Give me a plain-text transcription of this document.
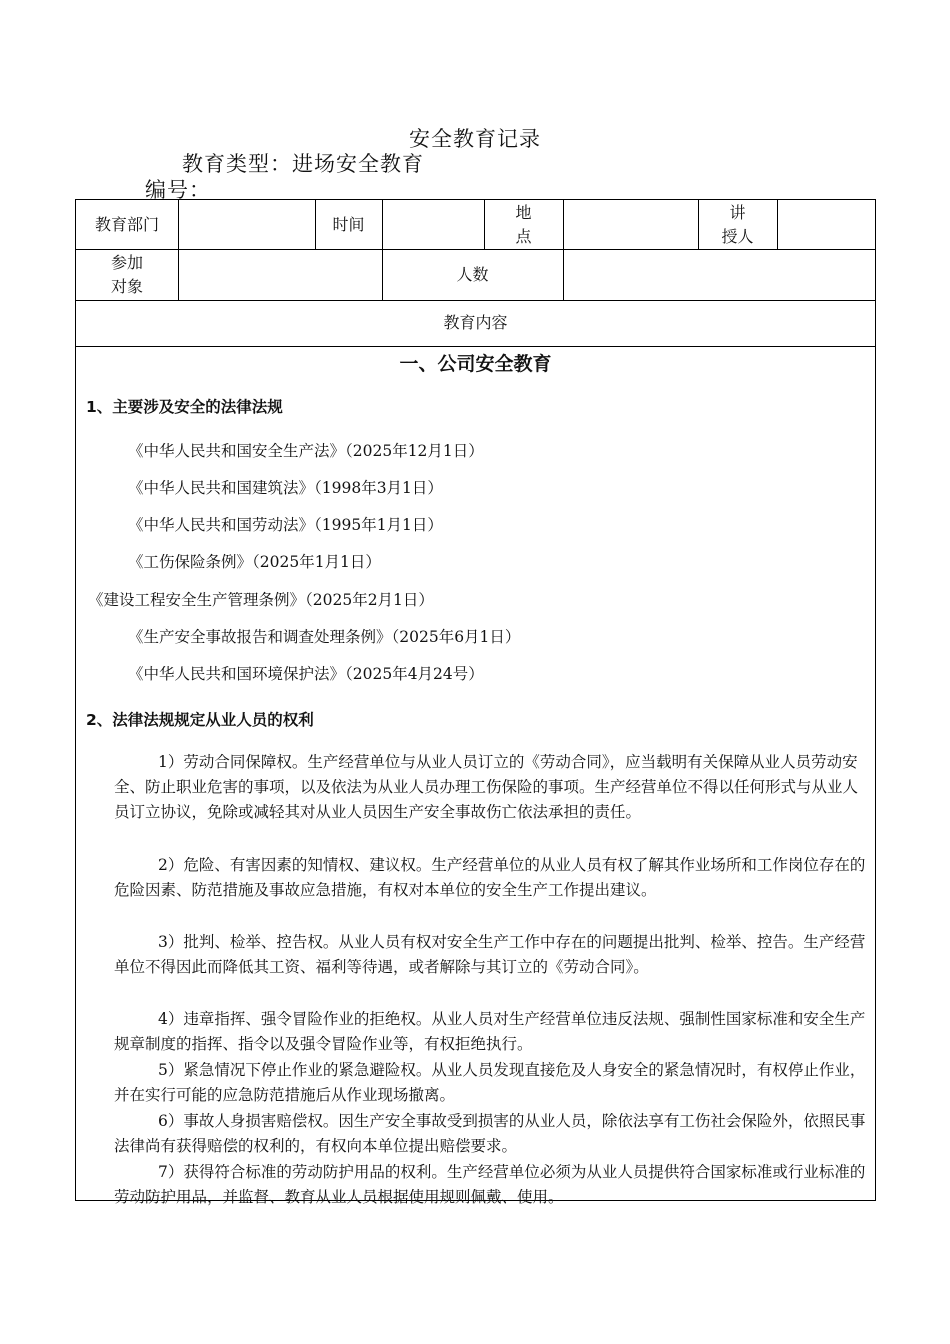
安全教育记录
教育类型：进场安全教育
编号：
教育部门	时间
地
点
讲
授人
参加
对象
人数
教育内容
一、公司安全教育
1、主要涉及安全的法律法规
《中华人民共和国安全生产法》（2025年12月1日）
《中华人民共和国建筑法》（1998年3月1日）
《中华人民共和国劳动法》（1995年1月1日）
《工伤保险条例》（2025年1月1日）
《建设工程安全生产管理条例》（2025年2月1日）
《生产安全事故报告和调查处理条例》（2025年6月1日）
《中华人民共和国环境保护法》（2025年4月24号）
2、法律法规规定从业人员的权利
1）劳动合同保障权。生产经营单位与从业人员订立的《劳动合同》，应当载明有关保障从业人员劳动安全、防止职业危害的事项，以及依法为从业人员办理工伤保险的事项。生产经营单位不得以任何形式与从业人员订立协议，免除或减轻其对从业人员因生产安全事故伤亡依法承担的责任。
2）危险、有害因素的知情权、建议权。生产经营单位的从业人员有权了解其作业场所和工作岗位存在的危险因素、防范措施及事故应急措施，有权对本单位的安全生产工作提出建议。
3）批判、检举、控告权。从业人员有权对安全生产工作中存在的问题提出批判、检举、控告。生产经营单位不得因此而降低其工资、福利等待遇，或者解除与其订立的《劳动合同》。
4）违章指挥、强令冒险作业的拒绝权。从业人员对生产经营单位违反法规、强制性国家标准和安全生产规章制度的指挥、指令以及强令冒险作业等，有权拒绝执行。
5）紧急情况下停止作业的紧急避险权。从业人员发现直接危及人身安全的紧急情况时，有权停止作业，并在实行可能的应急防范措施后从作业现场撤离。
6）事故人身损害赔偿权。因生产安全事故受到损害的从业人员，除依法享有工伤社会保险外，依照民事法律尚有获得赔偿的权利的，有权向本单位提出赔偿要求。
7）获得符合标准的劳动防护用品的权利。生产经营单位必须为从业人员提供符合国家标准或行业标准的劳动防护用品，并监督、教育从业人员根据使用规则佩戴、使用。
